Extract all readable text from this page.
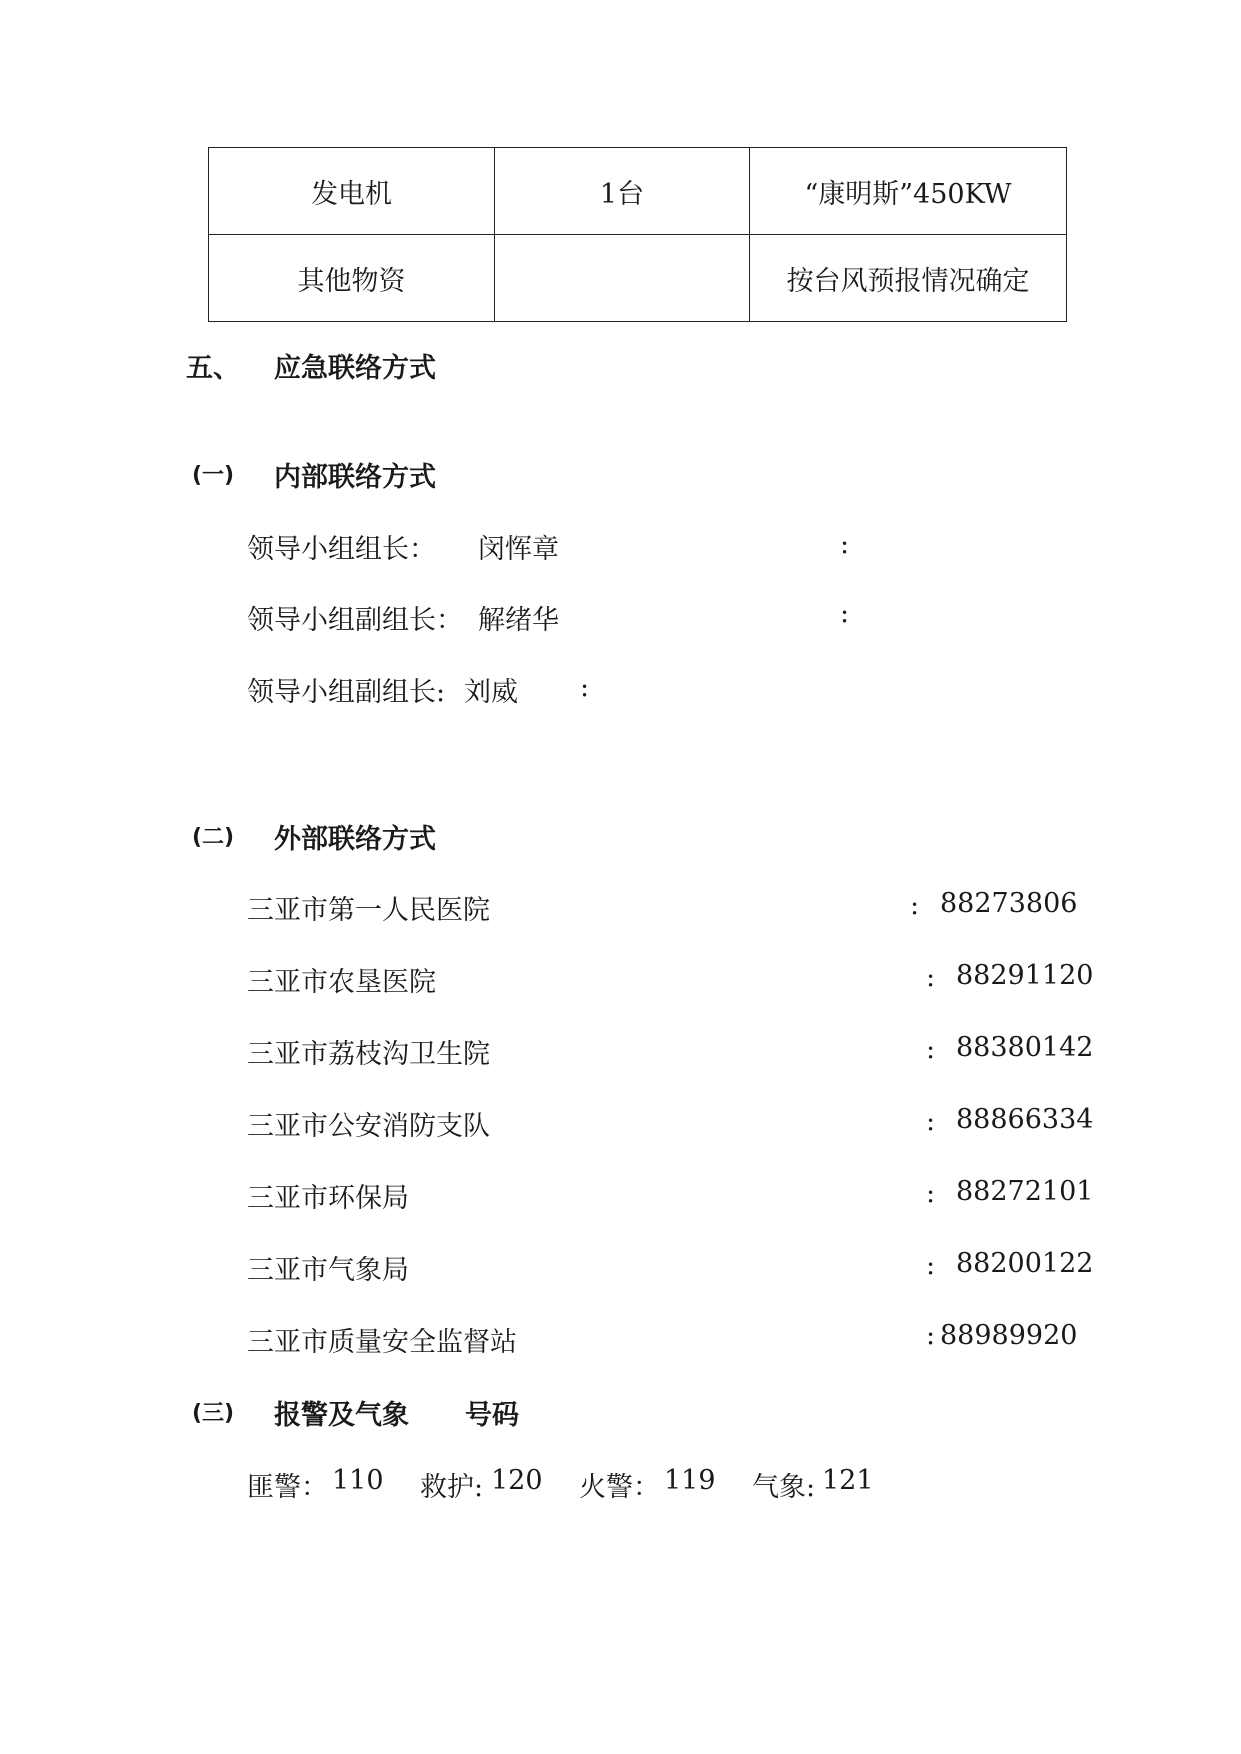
发电机	1台	“康明斯”450KW
其他物资		按台风预报情况确定
五、 应急联络方式
(一) 内部联络方式
领导小组组长： 闵恽章	:
领导小组副组长： 解绪华	:
领导小组副组长: 刘威 :
(二) 外部联络方式
三亚市第一人民医院	: 88273806
三亚市农垦医院	: 88291120
三亚市荔枝沟卫生院	: 88380142
三亚市公安消防支队	: 88866334
三亚市环保局	: 88272101
三亚市气象局	: 88200122
三亚市质量安全监督站	: 88989920
(三) 报警及气象 号码
匪警： 110 救护: 120 火警： 119 气象: 121
